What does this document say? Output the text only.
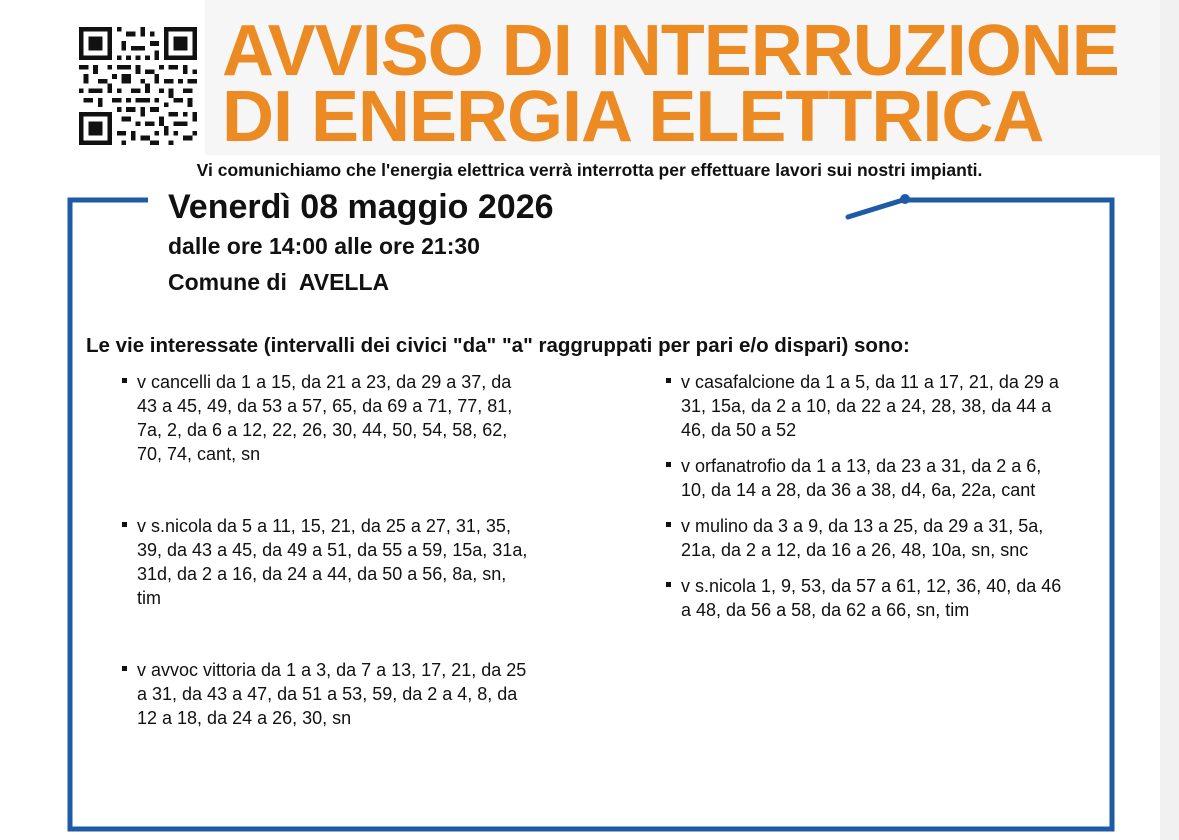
AVVISO DI INTERRUZIONE
DI ENERGIA ELETTRICA
Vi comunichiamo che l'energia elettrica verrà interrotta per effettuare lavori sui nostri impianti.
Venerdì 08 maggio 2026
dalle ore 14:00 alle ore 21:30
Comune di AVELLA
Le vie interessate (intervalli dei civici "da" "a" raggruppati per pari e/o dispari) sono:
v cancelli da 1 a 15, da 21 a 23, da 29 a 37, da 43 a 45, 49, da 53 a 57, 65, da 69 a 71, 77, 81, 7a, 2, da 6 a 12, 22, 26, 30, 44, 50, 54, 58, 62, 70, 74, cant, sn
v s.nicola da 5 a 11, 15, 21, da 25 a 27, 31, 35, 39, da 43 a 45, da 49 a 51, da 55 a 59, 15a, 31a, 31d, da 2 a 16, da 24 a 44, da 50 a 56, 8a, sn, tim
v avvoc vittoria da 1 a 3, da 7 a 13, 17, 21, da 25 a 31, da 43 a 47, da 51 a 53, 59, da 2 a 4, 8, da 12 a 18, da 24 a 26, 30, sn
v casafalcione da 1 a 5, da 11 a 17, 21, da 29 a 31, 15a, da 2 a 10, da 22 a 24, 28, 38, da 44 a 46, da 50 a 52
v orfanatrofio da 1 a 13, da 23 a 31, da 2 a 6, 10, da 14 a 28, da 36 a 38, d4, 6a, 22a, cant
v mulino da 3 a 9, da 13 a 25, da 29 a 31, 5a, 21a, da 2 a 12, da 16 a 26, 48, 10a, sn, snc
v s.nicola 1, 9, 53, da 57 a 61, 12, 36, 40, da 46 a 48, da 56 a 58, da 62 a 66, sn, tim
